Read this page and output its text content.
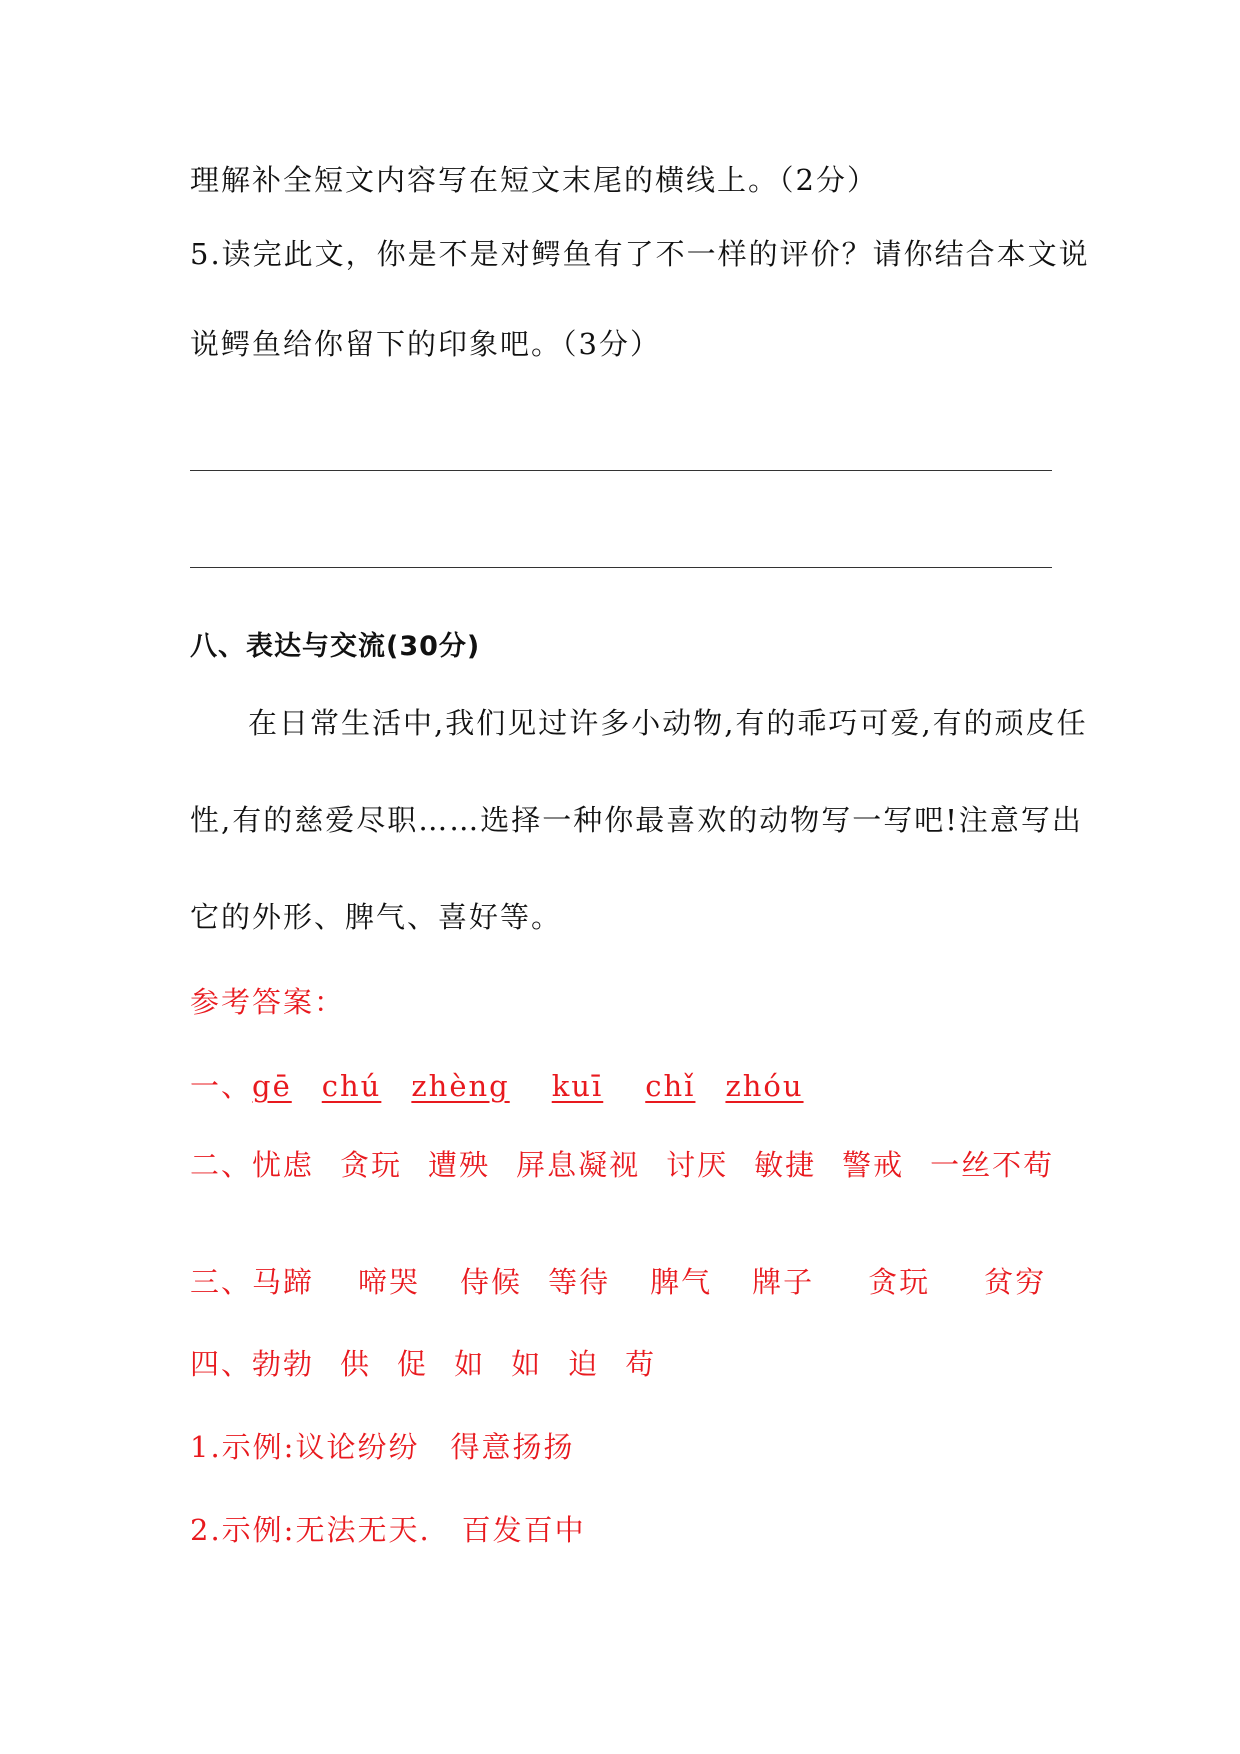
理解补全短文内容写在短文末尾的横线上。（2分）
5.读完此文，你是不是对鳄鱼有了不一样的评价？请你结合本文说
说鳄鱼给你留下的印象吧。（3分）
八、表达与交流(30分)
在日常生活中,我们见过许多小动物,有的乖巧可爱,有的顽皮任
性,有的慈爱尽职……选择一种你最喜欢的动物写一写吧!注意写出
它的外形、脾气、喜好等。
参考答案：
一、gē chú zhèng kuī chǐ zhóu
二、忧虑 贪玩 遭殃 屏息凝视 讨厌 敏捷 警戒 一丝不苟
三、马蹄 啼哭 侍候 等待 脾气 牌子 贪玩 贫穷
四、勃勃 供 促 如 如 迫 苟
1.示例:议论纷纷　得意扬扬
2.示例:无法无天.　百发百中
